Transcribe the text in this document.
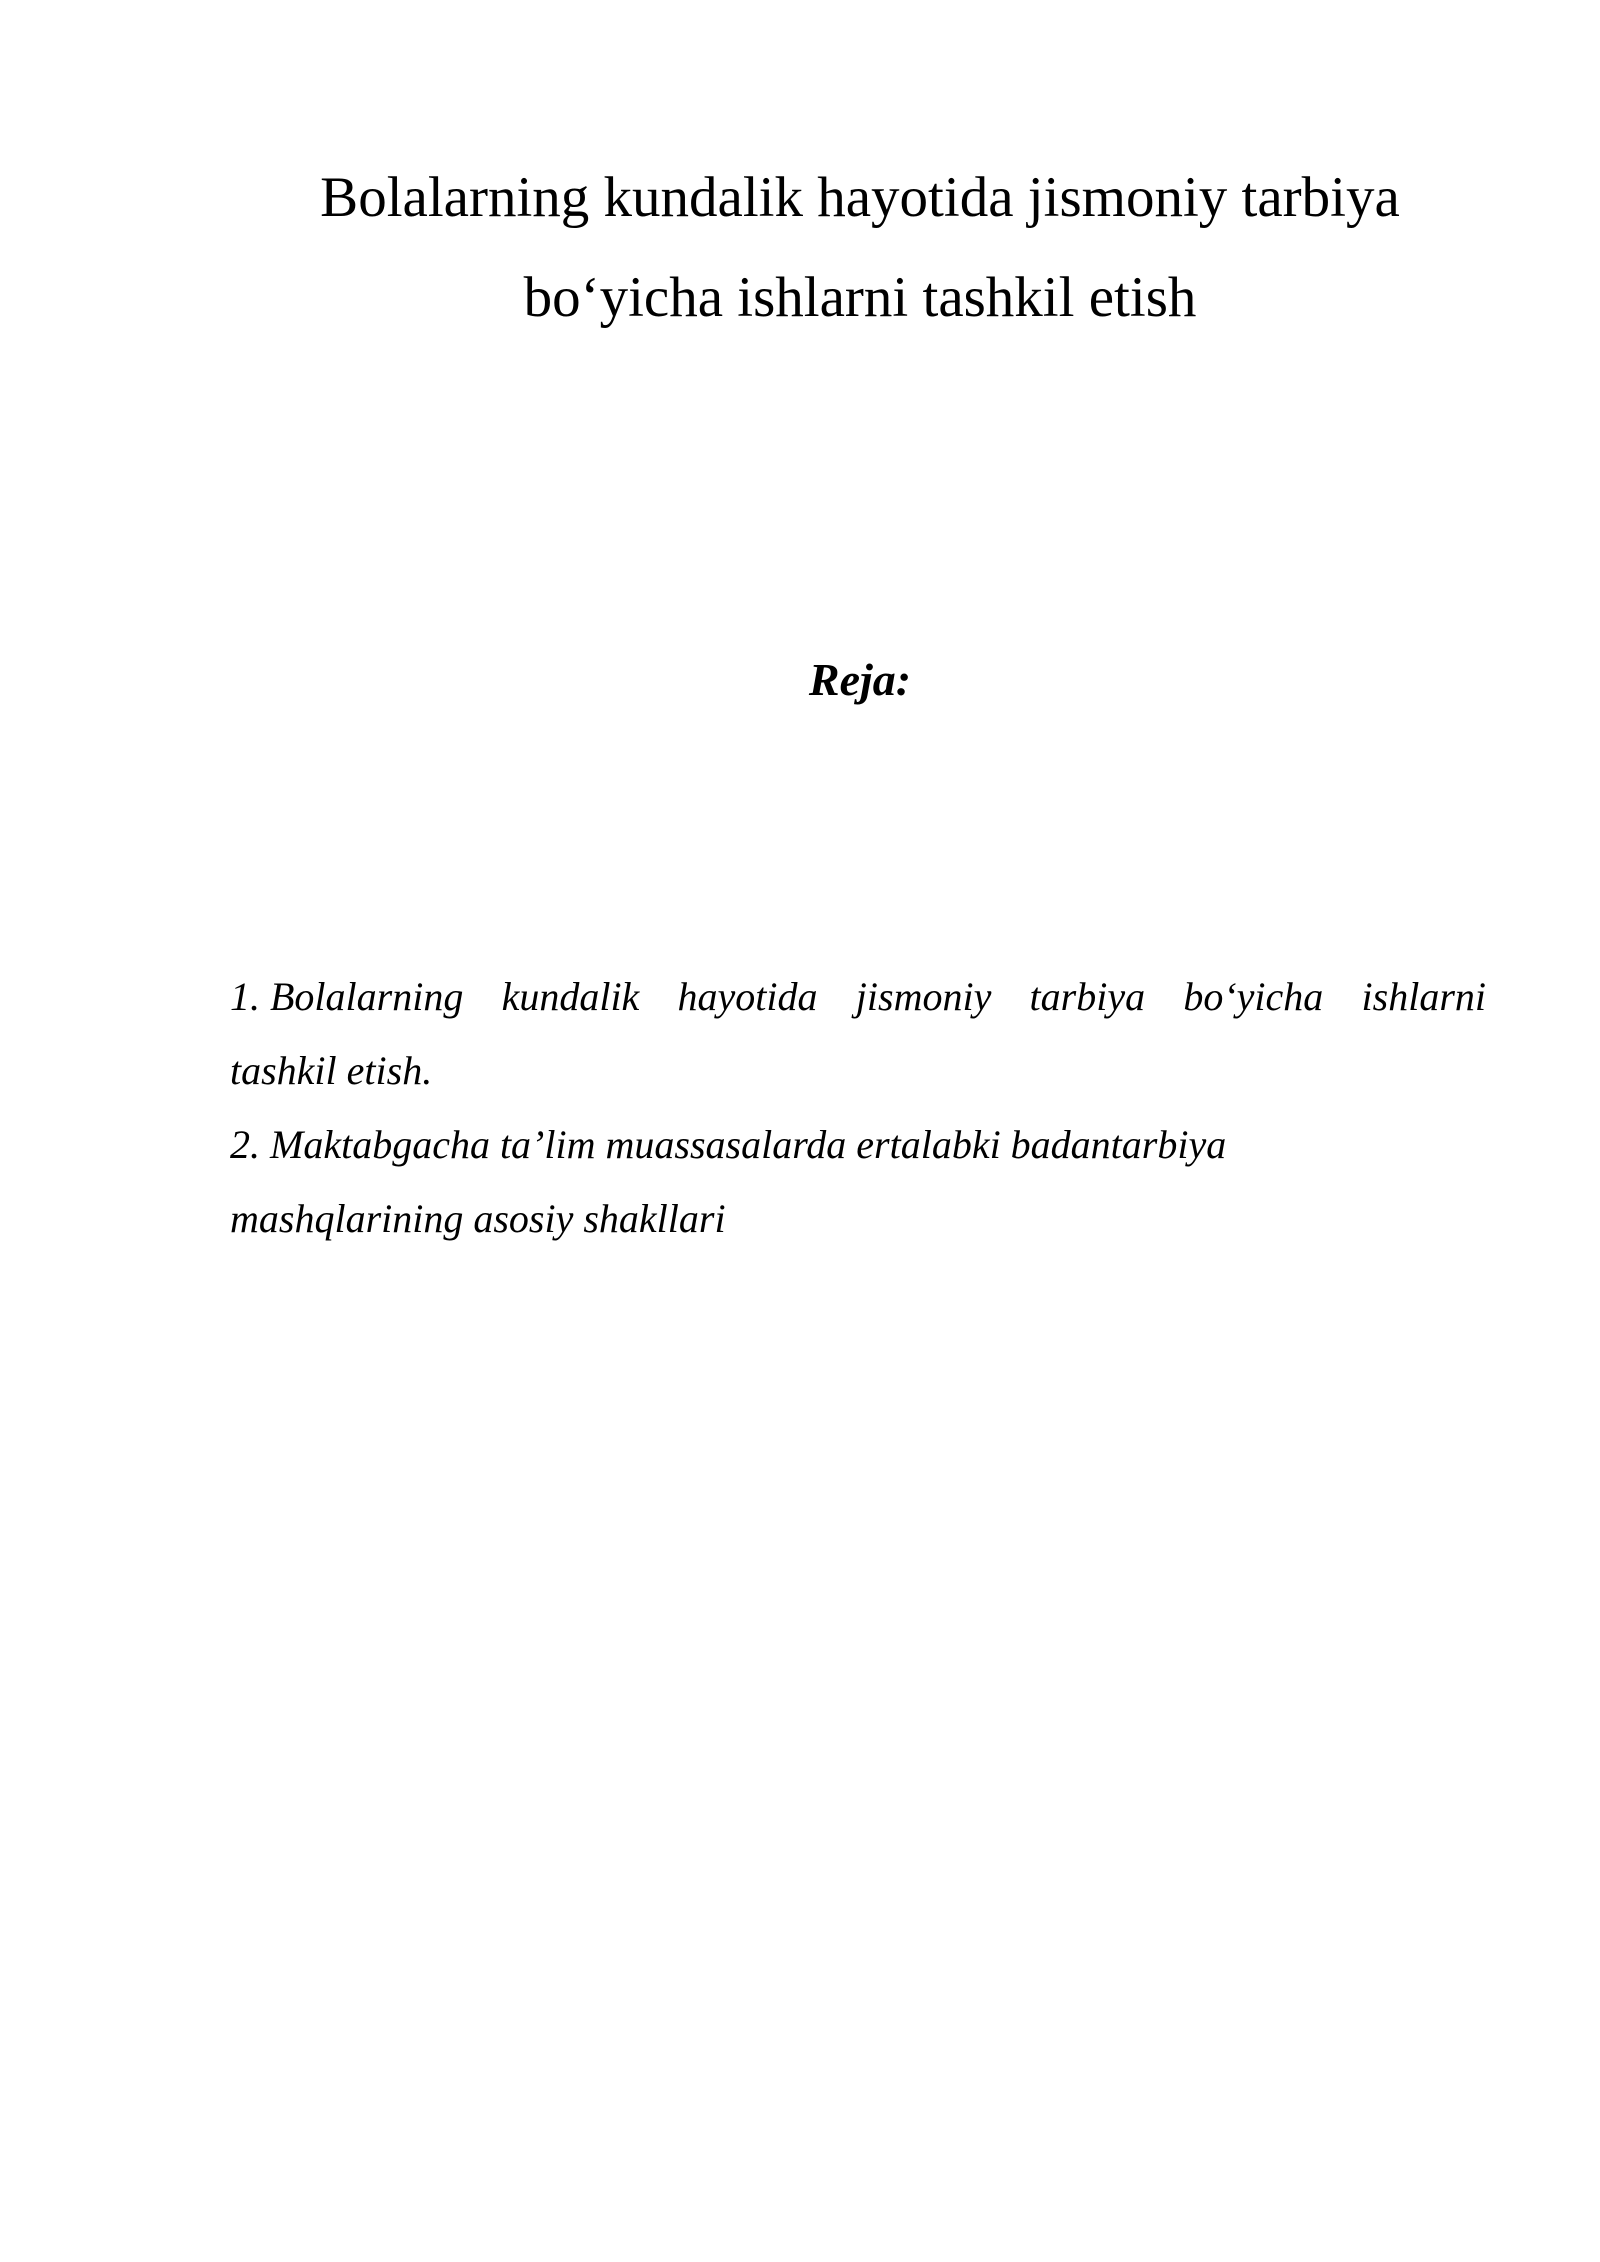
Bolalarning kundalik hayotida jismoniy tarbiya
bo‘yicha ishlarni tashkil etish
Reja:
1. Bolalarning kundalik hayotida jismoniy tarbiya bo‘yicha ishlarni
tashkil etish.
2. Maktabgacha ta’lim muassasalarda ertalabki badantarbiya
mashqlarining asosiy shakllari
